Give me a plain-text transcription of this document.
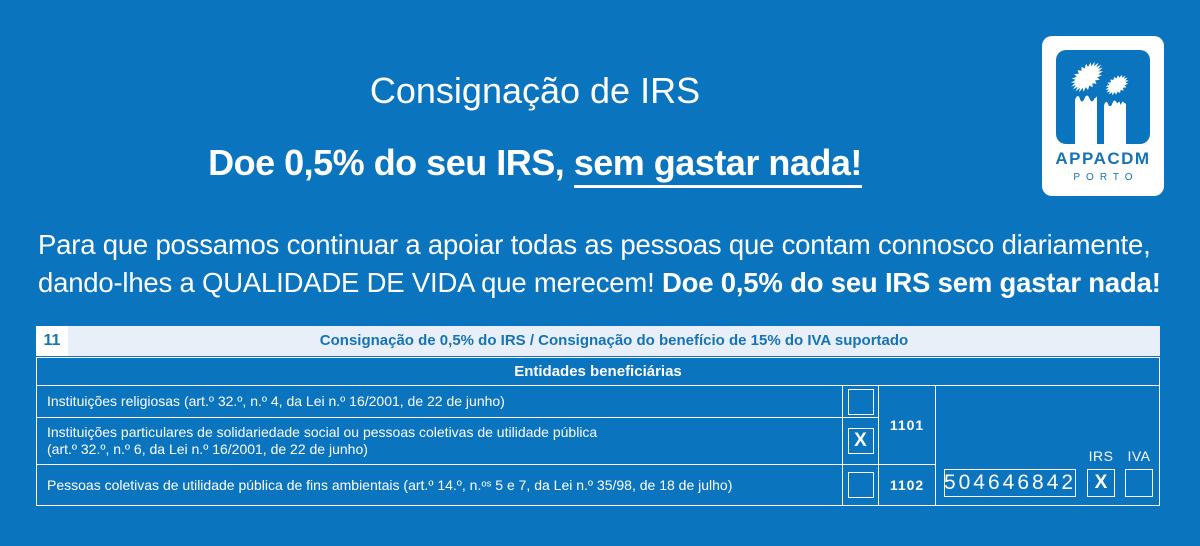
APPACDM
PORTO
Consignação de IRS
Doe 0,5% do seu IRS, sem gastar nada!

Para que possamos continuar a apoiar todas as pessoas que contam connosco diariamente,
dando-lhes a QUALIDADE DE VIDA que merecem! Doe 0,5% do seu IRS sem gastar nada!

11	Consignação de 0,5% do IRS / Consignação do benefício de 15% do IVA suportado
Entidades beneficiárias
Instituições religiosas (art.º 32.º, n.º 4, da Lei n.º 16/2001, de 22 de junho)
Instituições particulares de solidariedade social ou pessoas coletivas de utilidade pública
(art.º 32.º, n.º 6, da Lei n.º 16/2001, de 22 de junho)
Pessoas coletivas de utilidade pública de fins ambientais (art.º 14.º, n.ᵒˢ 5 e 7, da Lei n.º 35/98, de 18 de julho)
X
1101
1102 504646842
IRS
X
IVA
